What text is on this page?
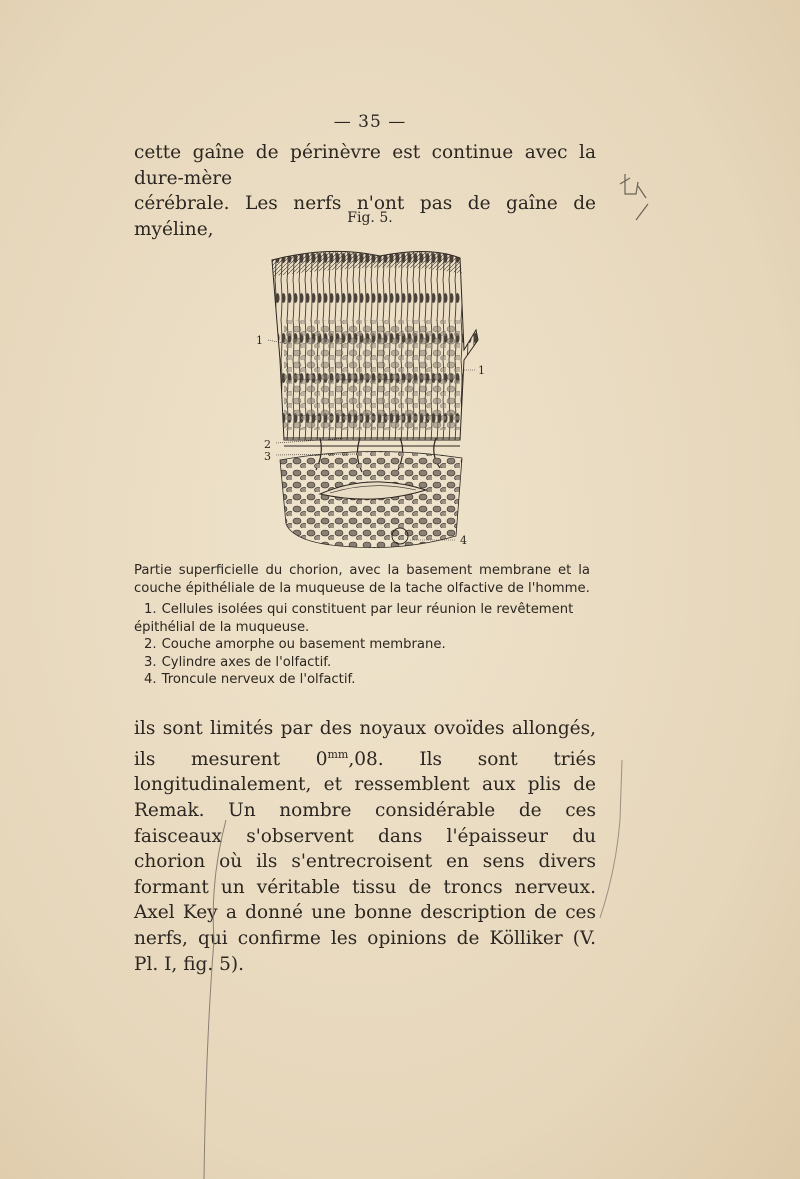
— 35 —

cette gaîne de périnèvre est continue avec la dure-mère

cérébrale. Les nerfs n'ont pas de gaîne de myéline,

Fig. 5.
1
1
2
3
4

Partie superficielle du chorion, avec la basement membrane et la couche épithéliale de la muqueuse de la tache olfactive de l'homme.

1. Cellules isolées qui constituent par leur réunion le revêtement épithélial de la muqueuse.
2. Couche amorphe ou basement membrane.
3. Cylindre axes de l'olfactif.
4. Troncule nerveux de l'olfactif.

ils sont limités par des noyaux ovoïdes allongés, ils mesurent $0^{mm},08$. Ils sont triés longitudinalement, et ressemblent aux plis de Remak. Un nombre considérable de ces faisceaux s'observent dans l'épaisseur du chorion où ils s'entrecroisent en sens divers formant un véritable tissu de troncs nerveux. Axel Key a donné une bonne description de ces nerfs, qui confirme les opinions de Kölliker (V. Pl. I, fig. 5).
